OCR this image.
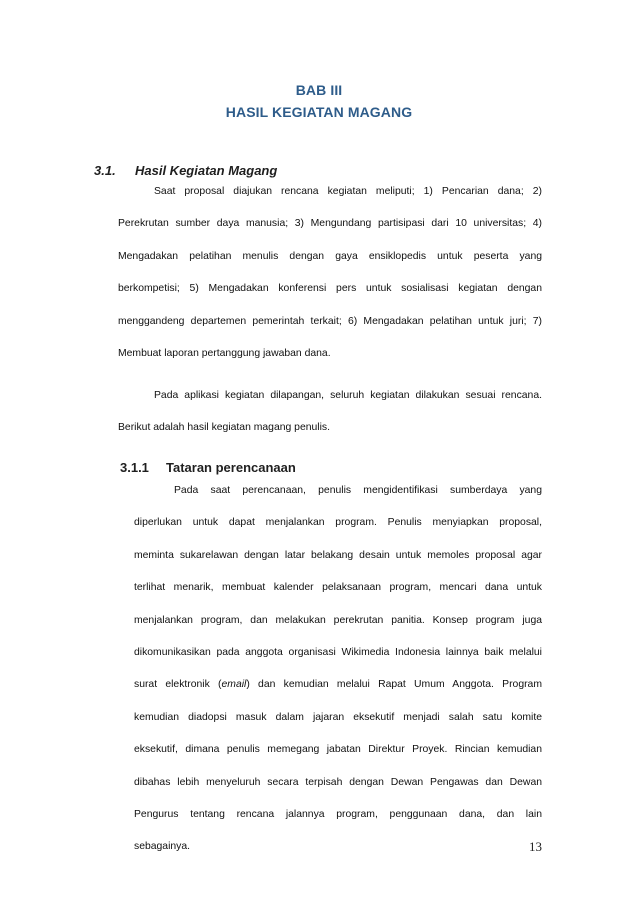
BAB III
HASIL KEGIATAN MAGANG
3.1. Hasil Kegiatan Magang
Saat proposal diajukan rencana kegiatan meliputi; 1) Pencarian dana; 2)
Perekrutan sumber daya manusia; 3) Mengundang partisipasi dari 10 universitas; 4)
Mengadakan pelatihan menulis dengan gaya ensiklopedis untuk peserta yang
berkompetisi; 5) Mengadakan konferensi pers untuk sosialisasi kegiatan dengan
menggandeng departemen pemerintah terkait; 6) Mengadakan pelatihan untuk juri; 7)
Membuat laporan pertanggung jawaban dana.
Pada aplikasi kegiatan dilapangan, seluruh kegiatan dilakukan sesuai rencana.
Berikut adalah hasil kegiatan magang penulis.
3.1.1 Tataran perencanaan
Pada saat perencanaan, penulis mengidentifikasi sumberdaya yang
diperlukan untuk dapat menjalankan program. Penulis menyiapkan proposal,
meminta sukarelawan dengan latar belakang desain untuk memoles proposal agar
terlihat menarik, membuat kalender pelaksanaan program, mencari dana untuk
menjalankan program, dan melakukan perekrutan panitia. Konsep program juga
dikomunikasikan pada anggota organisasi Wikimedia Indonesia lainnya baik melalui
surat elektronik (email) dan kemudian melalui Rapat Umum Anggota. Program
kemudian diadopsi masuk dalam jajaran eksekutif menjadi salah satu komite
eksekutif, dimana penulis memegang jabatan Direktur Proyek. Rincian kemudian
dibahas lebih menyeluruh secara terpisah dengan Dewan Pengawas dan Dewan
Pengurus tentang rencana jalannya program, penggunaan dana, dan lain
sebagainya.	13
